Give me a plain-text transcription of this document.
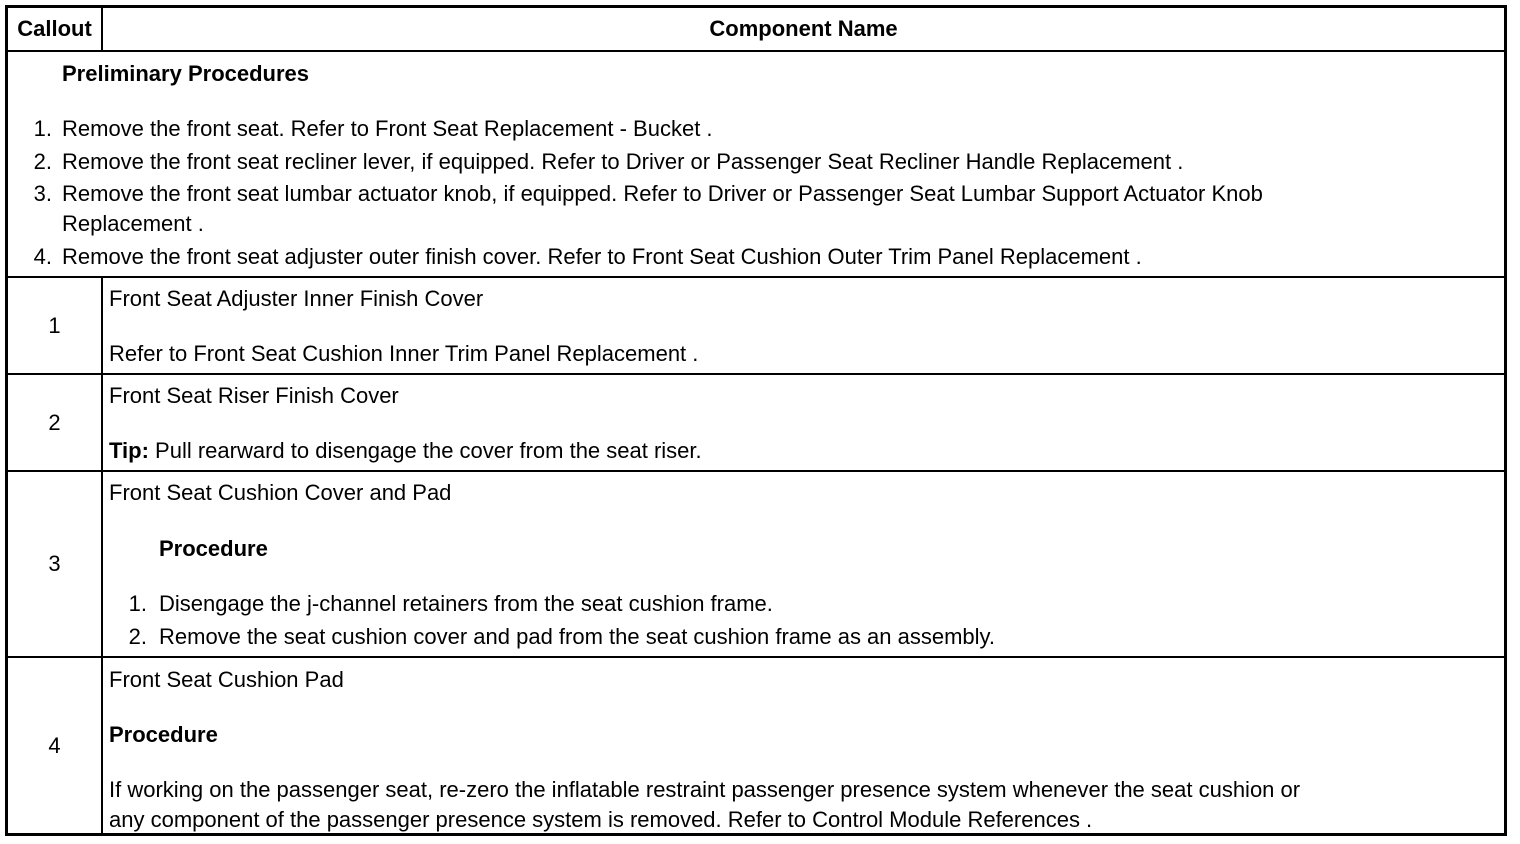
Callout	Component Name
Preliminary Procedures
1. Remove the front seat. Refer to Front Seat Replacement - Bucket .
2. Remove the front seat recliner lever, if equipped. Refer to Driver or Passenger Seat Recliner Handle Replacement .
3. Remove the front seat lumbar actuator knob, if equipped. Refer to Driver or Passenger Seat Lumbar Support Actuator Knob
Replacement .
4. Remove the front seat adjuster outer finish cover. Refer to Front Seat Cushion Outer Trim Panel Replacement .
1
Front Seat Adjuster Inner Finish Cover
Refer to Front Seat Cushion Inner Trim Panel Replacement .
2
Front Seat Riser Finish Cover
Tip: Pull rearward to disengage the cover from the seat riser.
3
Front Seat Cushion Cover and Pad
Procedure
1. Disengage the j-channel retainers from the seat cushion frame.
2. Remove the seat cushion cover and pad from the seat cushion frame as an assembly.
4
Front Seat Cushion Pad
Procedure
If working on the passenger seat, re-zero the inflatable restraint passenger presence system whenever the seat cushion or
any component of the passenger presence system is removed. Refer to Control Module References .
